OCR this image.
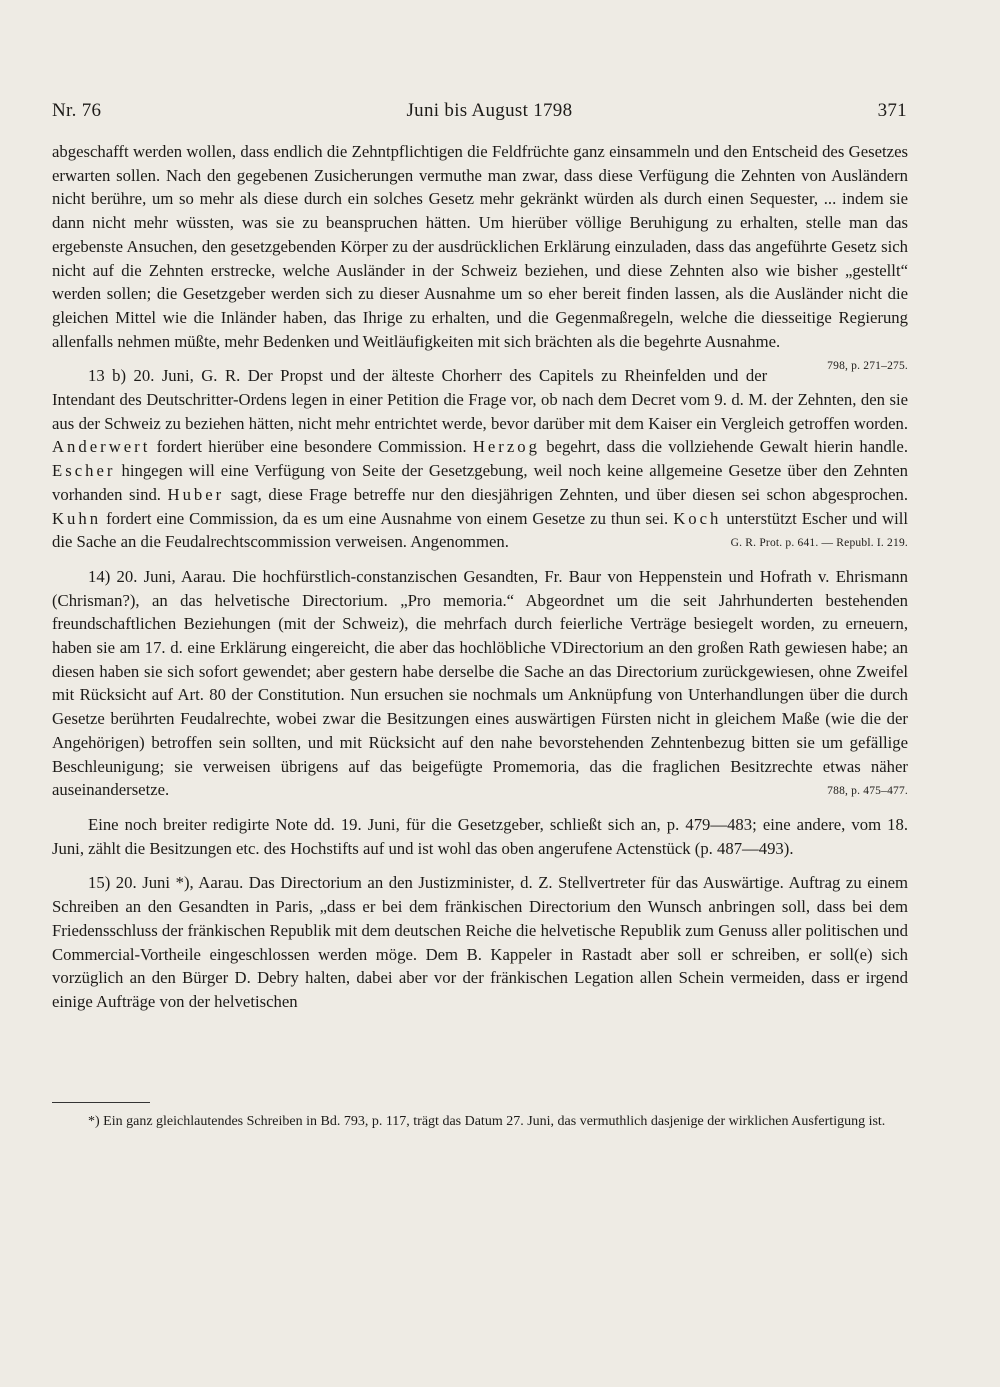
Nr. 76	Juni bis August 1798	371

abgeschafft werden wollen, dass endlich die Zehntpflichtigen die Feldfrüchte ganz einsammeln und den Entscheid des Gesetzes erwarten sollen. Nach den gegebenen Zusicherungen vermuthe man zwar, dass diese Verfügung die Zehnten von Ausländern nicht berühre, um so mehr als diese durch ein solches Gesetz mehr gekränkt würden als durch einen Sequester, ... indem sie dann nicht mehr wüssten, was sie zu beanspruchen hätten. Um hierüber völlige Beruhigung zu erhalten, stelle man das ergebenste Ansuchen, den gesetzgebenden Körper zu der ausdrücklichen Erklärung einzuladen, dass das angeführte Gesetz sich nicht auf die Zehnten erstrecke, welche Ausländer in der Schweiz beziehen, und diese Zehnten also wie bisher „gestellt“ werden sollen; die Gesetzgeber werden sich zu dieser Ausnahme um so eher bereit finden lassen, als die Ausländer nicht die gleichen Mittel wie die Inländer haben, das Ihrige zu erhalten, und die Gegenmaßregeln, welche die diesseitige Regierung allenfalls nehmen müßte, mehr Bedenken und Weitläufigkeiten mit sich brächten als die begehrte Ausnahme.
798, p. 271–275.

13 b) 20. Juni, G. R. Der Propst und der älteste Chorherr des Capitels zu Rheinfelden und der Intendant des Deutschritter-Ordens legen in einer Petition die Frage vor, ob nach dem Decret vom 9. d. M. der Zehnten, den sie aus der Schweiz zu beziehen hätten, nicht mehr entrichtet werde, bevor darüber mit dem Kaiser ein Vergleich getroffen worden. Anderwert fordert hierüber eine besondere Commission. Herzog begehrt, dass die vollziehende Gewalt hierin handle. Escher hingegen will eine Verfügung von Seite der Gesetzgebung, weil noch keine allgemeine Gesetze über den Zehnten vorhanden sind. Huber sagt, diese Frage betreffe nur den diesjährigen Zehnten, und über diesen sei schon abgesprochen. Kuhn fordert eine Commission, da es um eine Ausnahme von einem Gesetze zu thun sei. Koch unterstützt Escher und will die Sache an die Feudalrechtscommission verweisen. Angenommen.	G. R. Prot. p. 641. — Republ. I. 219.

14) 20. Juni, Aarau. Die hochfürstlich-constanzischen Gesandten, Fr. Baur von Heppenstein und Hofrath v. Ehrismann (Chrisman?), an das helvetische Directorium. „Pro memoria.“ Abgeordnet um die seit Jahrhunderten bestehenden freundschaftlichen Beziehungen (mit der Schweiz), die mehrfach durch feierliche Verträge besiegelt worden, zu erneuern, haben sie am 17. d. eine Erklärung eingereicht, die aber das hochlöbliche VDirectorium an den großen Rath gewiesen habe; an diesen haben sie sich sofort gewendet; aber gestern habe derselbe die Sache an das Directorium zurückgewiesen, ohne Zweifel mit Rücksicht auf Art. 80 der Constitution. Nun ersuchen sie nochmals um Anknüpfung von Unterhandlungen über die durch Gesetze berührten Feudalrechte, wobei zwar die Besitzungen eines auswärtigen Fürsten nicht in gleichem Maße (wie die der Angehörigen) betroffen sein sollten, und mit Rücksicht auf den nahe bevorstehenden Zehntenbezug bitten sie um gefällige Beschleunigung; sie verweisen übrigens auf das beigefügte Promemoria, das die fraglichen Besitzrechte etwas näher auseinandersetze.	788, p. 475–477.

Eine noch breiter redigirte Note dd. 19. Juni, für die Gesetzgeber, schließt sich an, p. 479—483; eine andere, vom 18. Juni, zählt die Besitzungen etc. des Hochstifts auf und ist wohl das oben angerufene Actenstück (p. 487—493).

15) 20. Juni *), Aarau. Das Directorium an den Justizminister, d. Z. Stellvertreter für das Auswärtige. Auftrag zu einem Schreiben an den Gesandten in Paris, „dass er bei dem fränkischen Directorium den Wunsch anbringen soll, dass bei dem Friedensschluss der fränkischen Republik mit dem deutschen Reiche die helvetische Republik zum Genuss aller politischen und Commercial-Vortheile eingeschlossen werden möge. Dem B. Kappeler in Rastadt aber soll er schreiben, er soll(e) sich vorzüglich an den Bürger D. Debry halten, dabei aber vor der fränkischen Legation allen Schein vermeiden, dass er irgend einige Aufträge von der helvetischen

*) Ein ganz gleichlautendes Schreiben in Bd. 793, p. 117, trägt das Datum 27. Juni, das vermuthlich dasjenige der wirklichen Ausfertigung ist.
